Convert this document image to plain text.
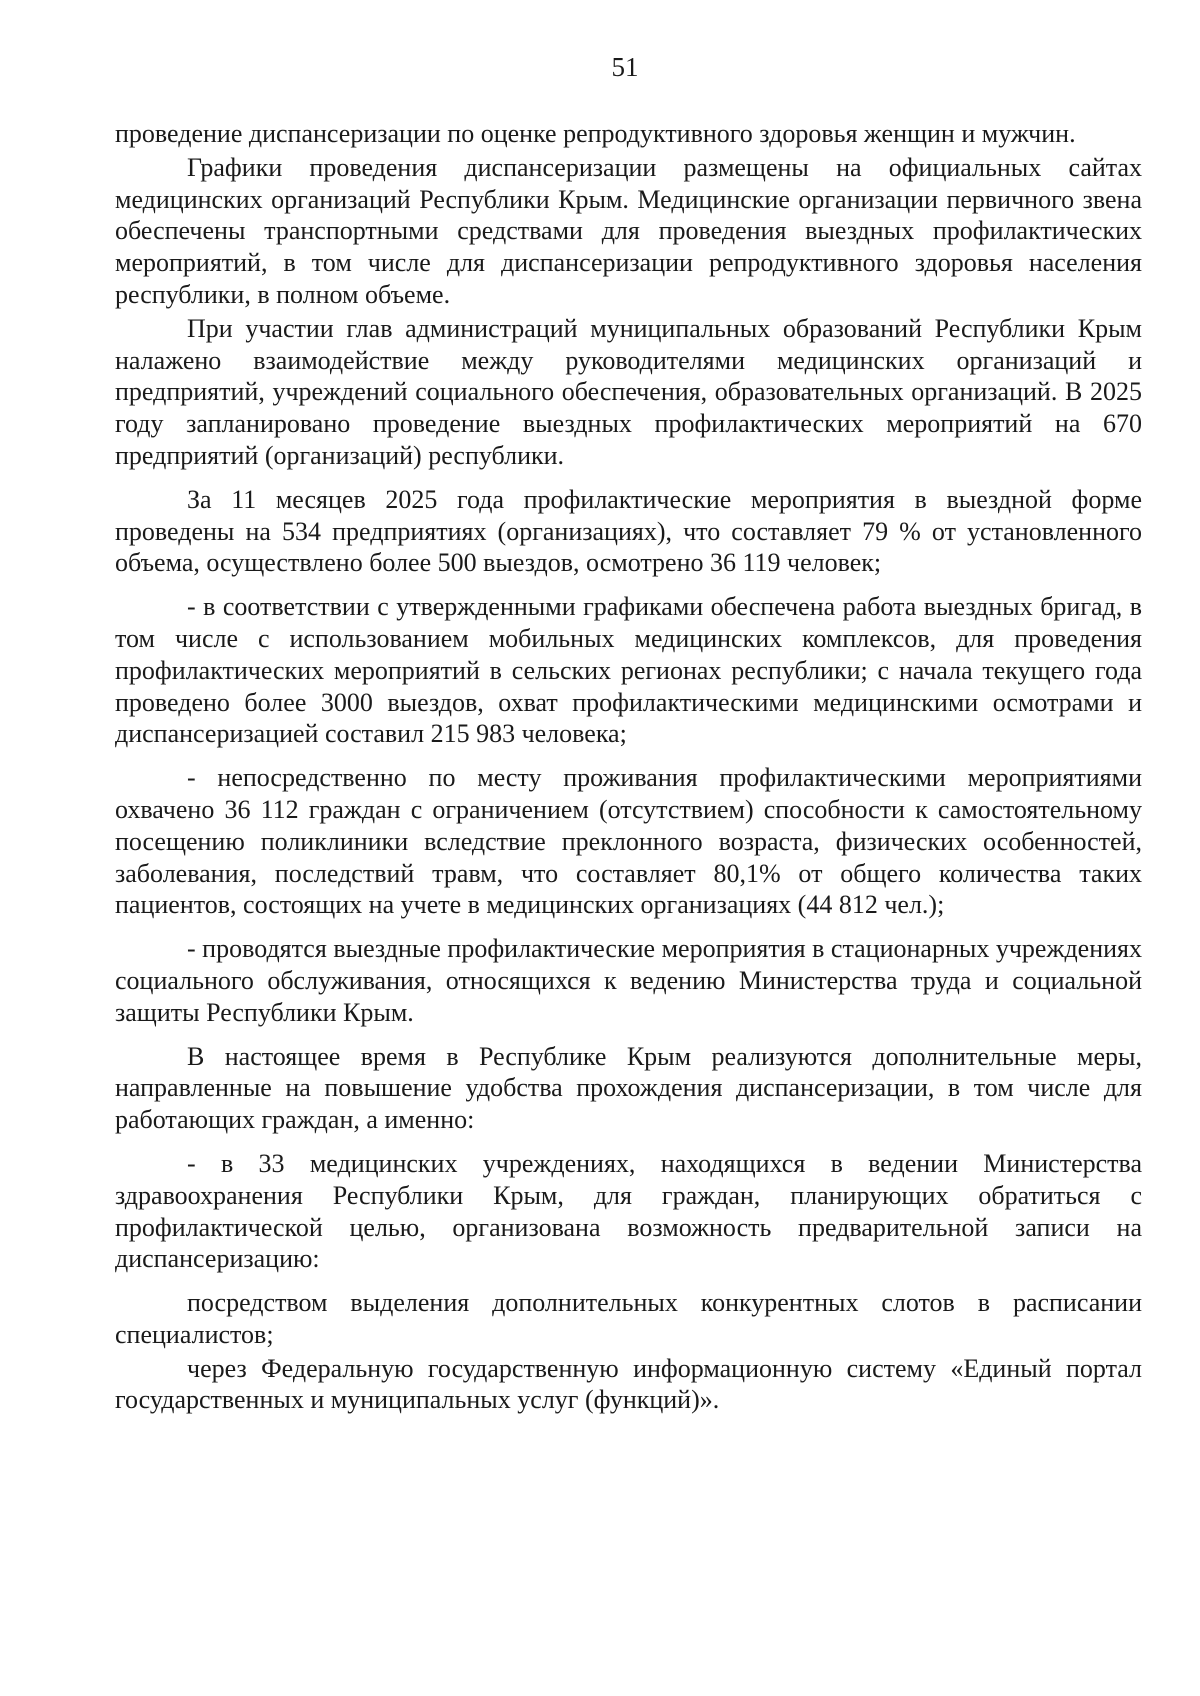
51

проведение диспансеризации по оценке репродуктивного здоровья женщин и мужчин.

Графики проведения диспансеризации размещены на официальных сайтах медицинских организаций Республики Крым. Медицинские организации первичного звена обеспечены транспортными средствами для проведения выездных профилактических мероприятий, в том числе для диспансеризации репродуктивного здоровья населения республики, в полном объеме.

При участии глав администраций муниципальных образований Республики Крым налажено взаимодействие между руководителями медицинских организаций и предприятий, учреждений социального обеспечения, образовательных организаций. В 2025 году запланировано проведение выездных профилактических мероприятий на 670 предприятий (организаций) республики.

За 11 месяцев 2025 года профилактические мероприятия в выездной форме проведены на 534 предприятиях (организациях), что составляет 79 % от установленного объема, осуществлено более 500 выездов, осмотрено 36 119 человек;

- в соответствии с утвержденными графиками обеспечена работа выездных бригад, в том числе с использованием мобильных медицинских комплексов, для проведения профилактических мероприятий в сельских регионах республики; с начала текущего года проведено более 3000 выездов, охват профилактическими медицинскими осмотрами и диспансеризацией составил 215 983 человека;

- непосредственно по месту проживания профилактическими мероприятиями охвачено 36 112 граждан с ограничением (отсутствием) способности к самостоятельному посещению поликлиники вследствие преклонного возраста, физических особенностей, заболевания, последствий травм, что составляет 80,1% от общего количества таких пациентов, состоящих на учете в медицинских организациях (44 812 чел.);

- проводятся выездные профилактические мероприятия в стационарных учреждениях социального обслуживания, относящихся к ведению Министерства труда и социальной защиты Республики Крым.

В настоящее время в Республике Крым реализуются дополнительные меры, направленные на повышение удобства прохождения диспансеризации, в том числе для работающих граждан, а именно:

- в 33 медицинских учреждениях, находящихся в ведении Министерства здравоохранения Республики Крым, для граждан, планирующих обратиться с профилактической целью, организована возможность предварительной записи на диспансеризацию:

посредством выделения дополнительных конкурентных слотов в расписании специалистов;

через Федеральную государственную информационную систему «Единый портал государственных и муниципальных услуг (функций)».
